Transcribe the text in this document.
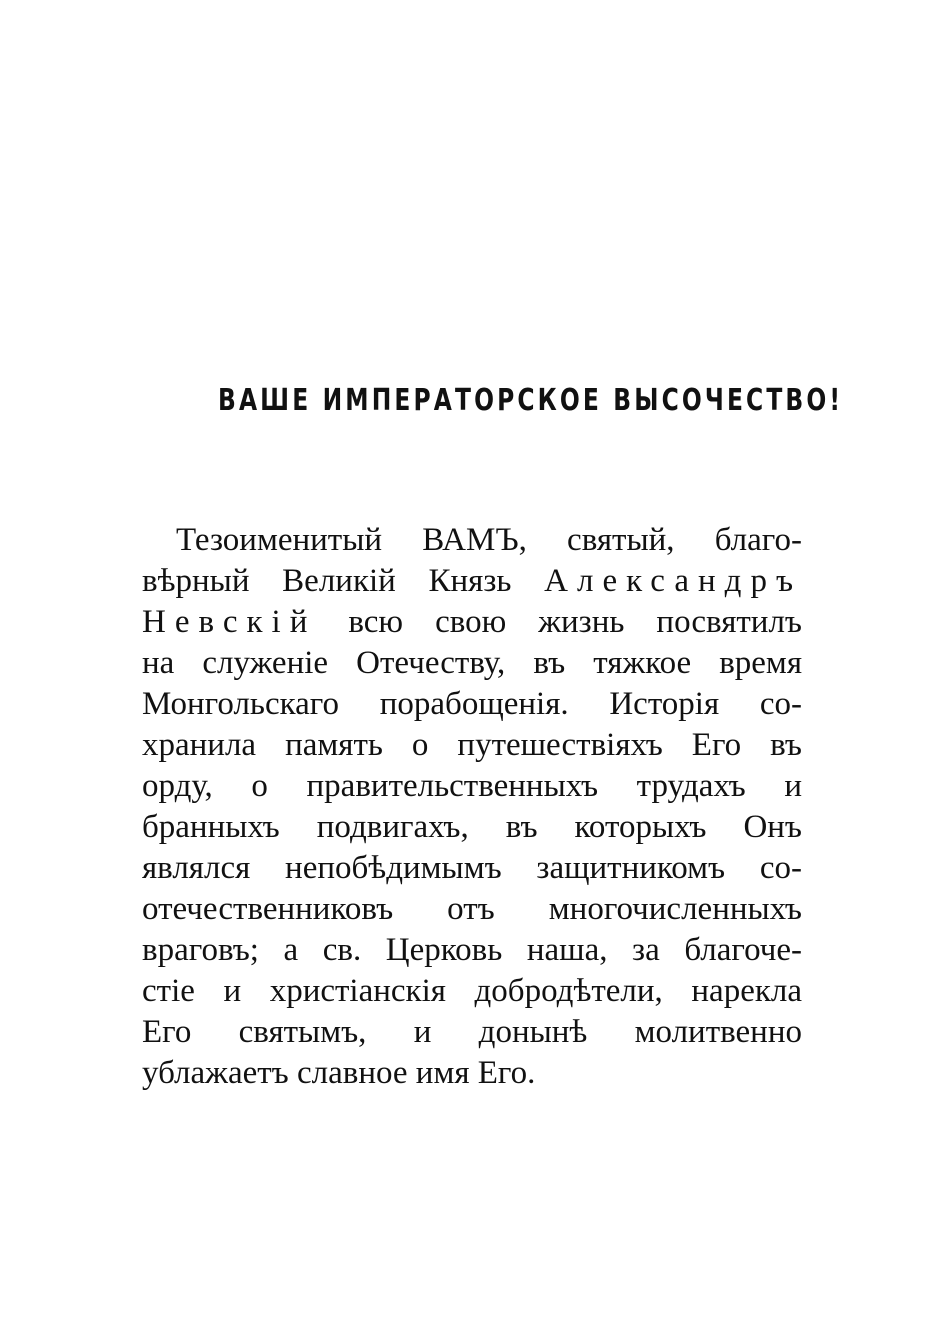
ВАШЕ ИМПЕРАТОРСКОЕ ВЫСОЧЕСТВО!
Тезоименитый ВАМЪ, святый, благо-
вѣрный Великій Князь Александръ
Невскій всю свою жизнь посвятилъ
на служеніе Отечеству, въ тяжкое время
Монгольскаго порабощенія. Исторія со-
хранила память о путешествіяхъ Его въ
орду, о правительственныхъ трудахъ и
бранныхъ подвигахъ, въ которыхъ Онъ
являлся непобѣдимымъ защитникомъ со-
отечественниковъ отъ многочисленныхъ
враговъ; а св. Церковь наша, за благоче-
стіе и христіанскія добродѣтели, нарекла
Его святымъ, и донынѣ молитвенно
ублажаетъ славное имя Его.
